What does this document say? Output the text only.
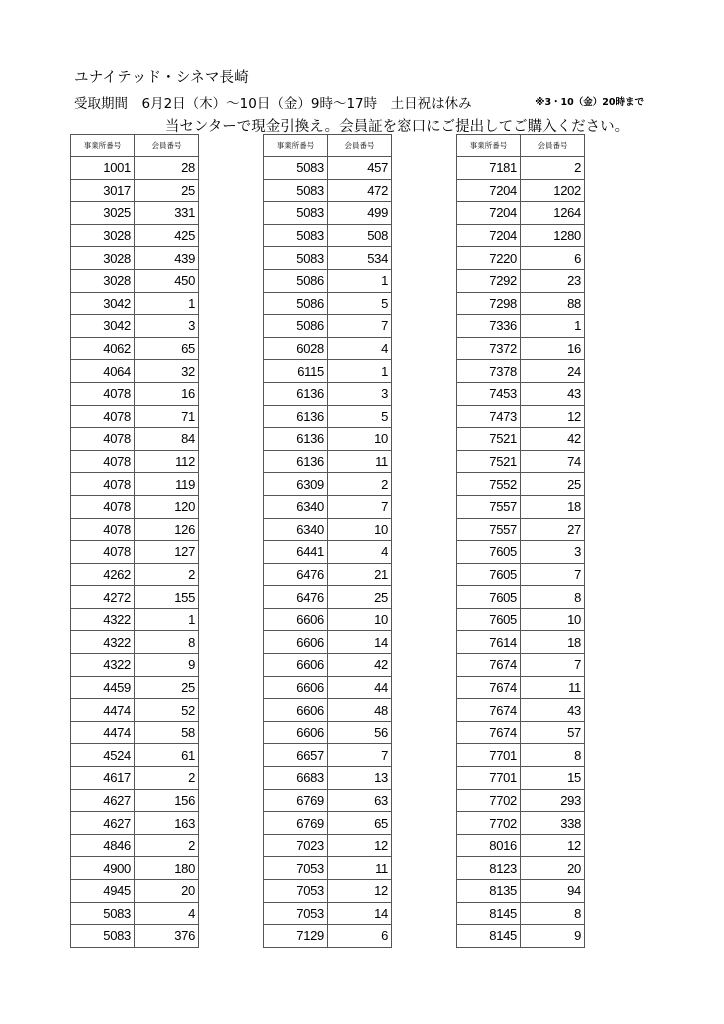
ユナイテッド・シネマ長崎
受取期間　6月2日（木）～10日（金）9時～17時　土日祝は休み	※3・10（金）20時まで
当センターで現金引換え。会員証を窓口にご提出してご購入ください。
事業所番号	会員番号
1001	28
3017	25
3025	331
3028	425
3028	439
3028	450
3042	1
3042	3
4062	65
4064	32
4078	16
4078	71
4078	84
4078	112
4078	119
4078	120
4078	126
4078	127
4262	2
4272	155
4322	1
4322	8
4322	9
4459	25
4474	52
4474	58
4524	61
4617	2
4627	156
4627	163
4846	2
4900	180
4945	20
5083	4
5083	376
事業所番号	会員番号
5083	457
5083	472
5083	499
5083	508
5083	534
5086	1
5086	5
5086	7
6028	4
6115	1
6136	3
6136	5
6136	10
6136	11
6309	2
6340	7
6340	10
6441	4
6476	21
6476	25
6606	10
6606	14
6606	42
6606	44
6606	48
6606	56
6657	7
6683	13
6769	63
6769	65
7023	12
7053	11
7053	12
7053	14
7129	6
事業所番号	会員番号
7181	2
7204	1202
7204	1264
7204	1280
7220	6
7292	23
7298	88
7336	1
7372	16
7378	24
7453	43
7473	12
7521	42
7521	74
7552	25
7557	18
7557	27
7605	3
7605	7
7605	8
7605	10
7614	18
7674	7
7674	11
7674	43
7674	57
7701	8
7701	15
7702	293
7702	338
8016	12
8123	20
8135	94
8145	8
8145	9
